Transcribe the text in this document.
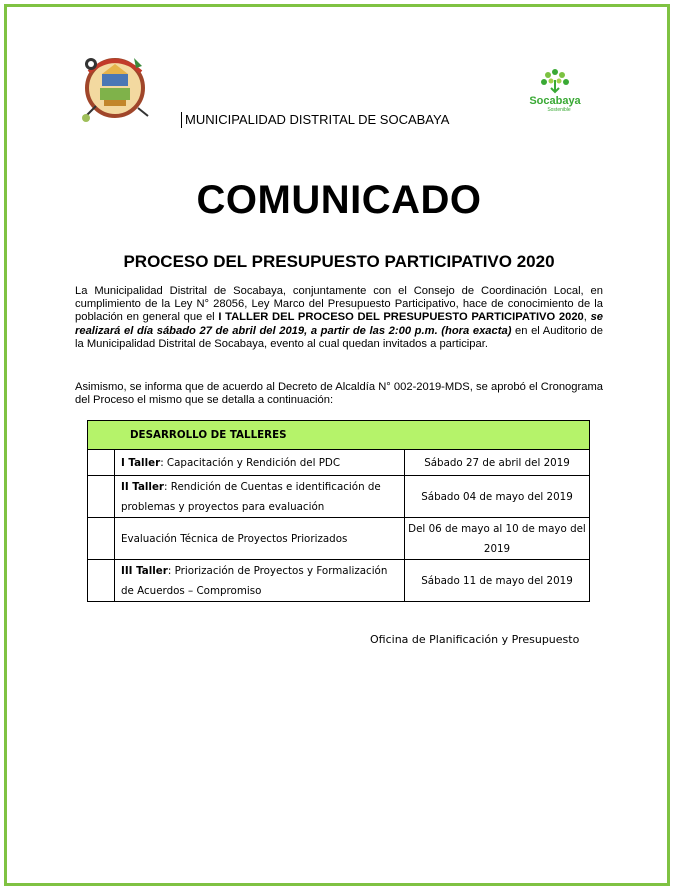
MUNICIPALIDAD DISTRITAL DE SOCABAYA
Socabaya
Sostenible
COMUNICADO
PROCESO DEL PRESUPUESTO PARTICIPATIVO 2020
La Municipalidad Distrital de Socabaya, conjuntamente con el Consejo de Coordinación Local, en cumplimiento de la Ley N° 28056, Ley Marco del Presupuesto Participativo, hace de conocimiento de la población en general que el I TALLER DEL PROCESO DEL PRESUPUESTO PARTICIPATIVO 2020, se realizará el día sábado 27 de abril del 2019, a partir de las 2:00 p.m. (hora exacta) en el Auditorio de la Municipalidad Distrital de Socabaya, evento al cual quedan invitados a participar.
Asimismo, se informa que de acuerdo al Decreto de Alcaldía N° 002-2019-MDS, se aprobó el Cronograma del Proceso el mismo que se detalla a continuación:
DESARROLLO DE TALLERES		
	I Taller: Capacitación y Rendición del PDC	Sábado 27 de abril del 2019
	II Taller: Rendición de Cuentas e identificación de problemas y proyectos para evaluación	Sábado 04 de mayo del 2019
	Evaluación Técnica de Proyectos Priorizados	Del 06 de mayo al 10 de mayo del 2019
	III Taller: Priorización de Proyectos y Formalización de Acuerdos – Compromiso	Sábado 11 de mayo del 2019
Oficina de Planificación y Presupuesto
